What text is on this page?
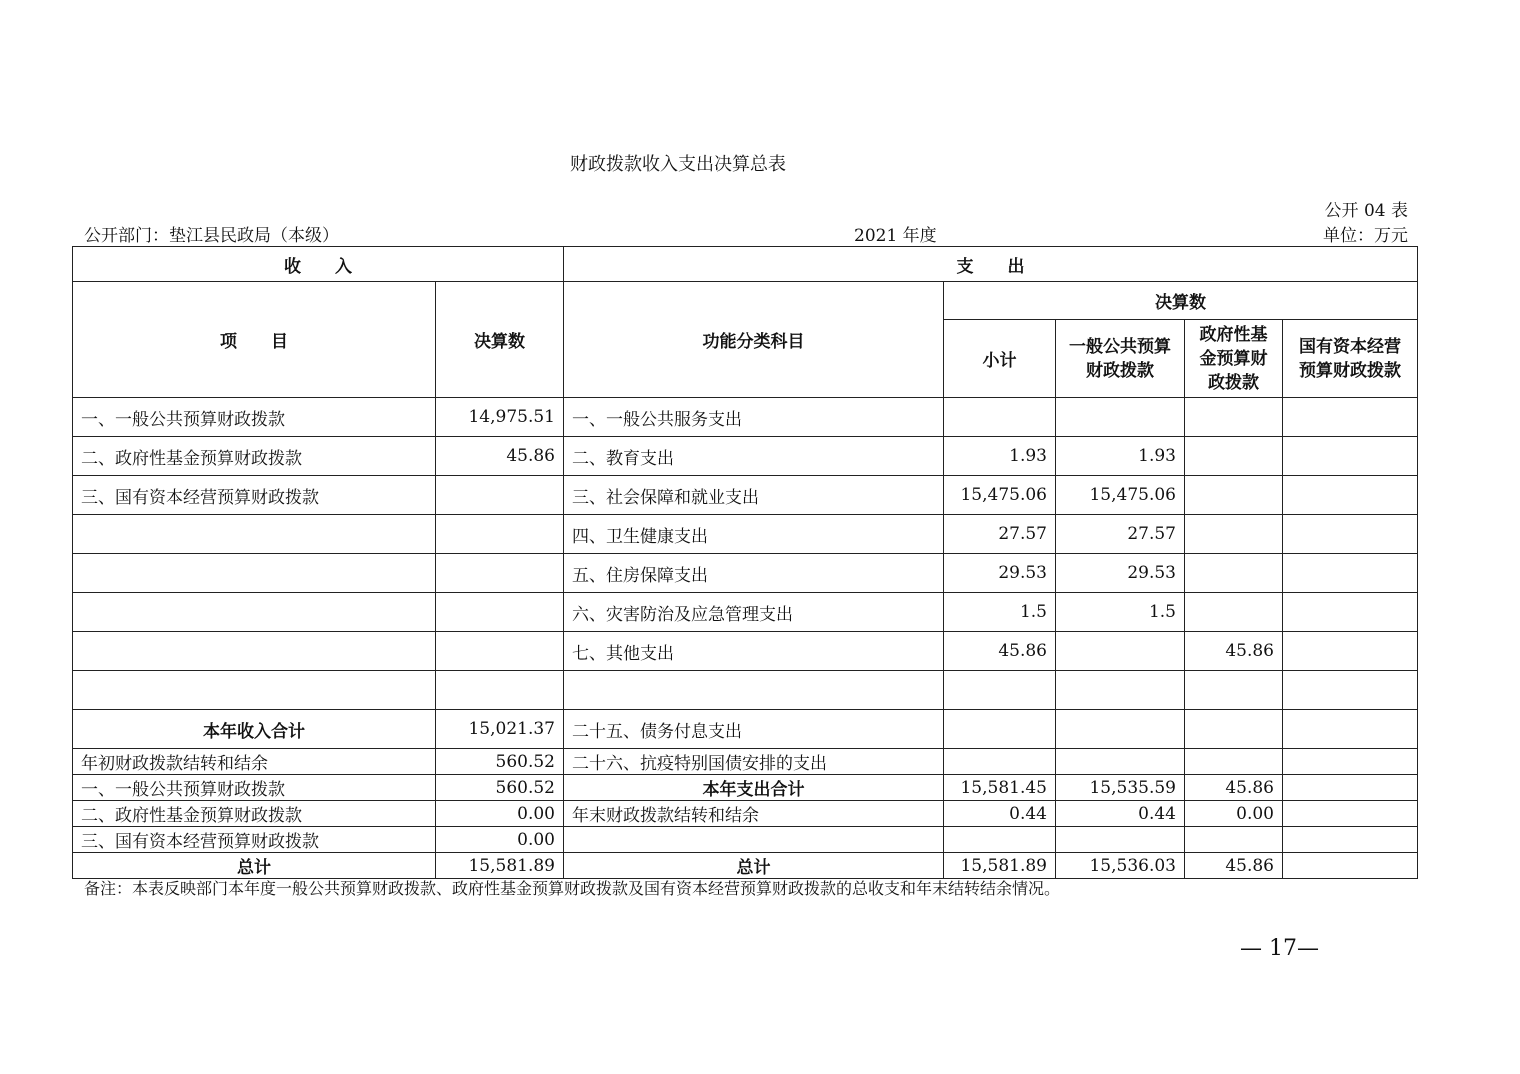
财政拨款收入支出决算总表
公开 04 表
公开部门：垫江县民政局（本级）	2021 年度	单位：万元
收　　入		支　　出				
项　　目	决算数	功能分类科目	决算数			
			小计	一般公共预算财政拨款	政府性基金预算财政拨款	国有资本经营预算财政拨款
一、一般公共预算财政拨款	14,975.51	一、一般公共服务支出				
二、政府性基金预算财政拨款	45.86	二、教育支出	1.93	1.93		
三、国有资本经营预算财政拨款		三、社会保障和就业支出	15,475.06	15,475.06		
		四、卫生健康支出	27.57	27.57		
		五、住房保障支出	29.53	29.53		
		六、灾害防治及应急管理支出	1.5	1.5		
		七、其他支出	45.86		45.86	

本年收入合计	15,021.37	二十五、债务付息支出				
年初财政拨款结转和结余	560.52	二十六、抗疫特别国债安排的支出				
一、一般公共预算财政拨款	560.52	本年支出合计	15,581.45	15,535.59	45.86	
二、政府性基金预算财政拨款	0.00	年末财政拨款结转和结余	0.44	0.44	0.00	
三、国有资本经营预算财政拨款	0.00					
总计	15,581.89	总计	15,581.89	15,536.03	45.86	
备注：本表反映部门本年度一般公共预算财政拨款、政府性基金预算财政拨款及国有资本经营预算财政拨款的总收支和年末结转结余情况。
— 17—
